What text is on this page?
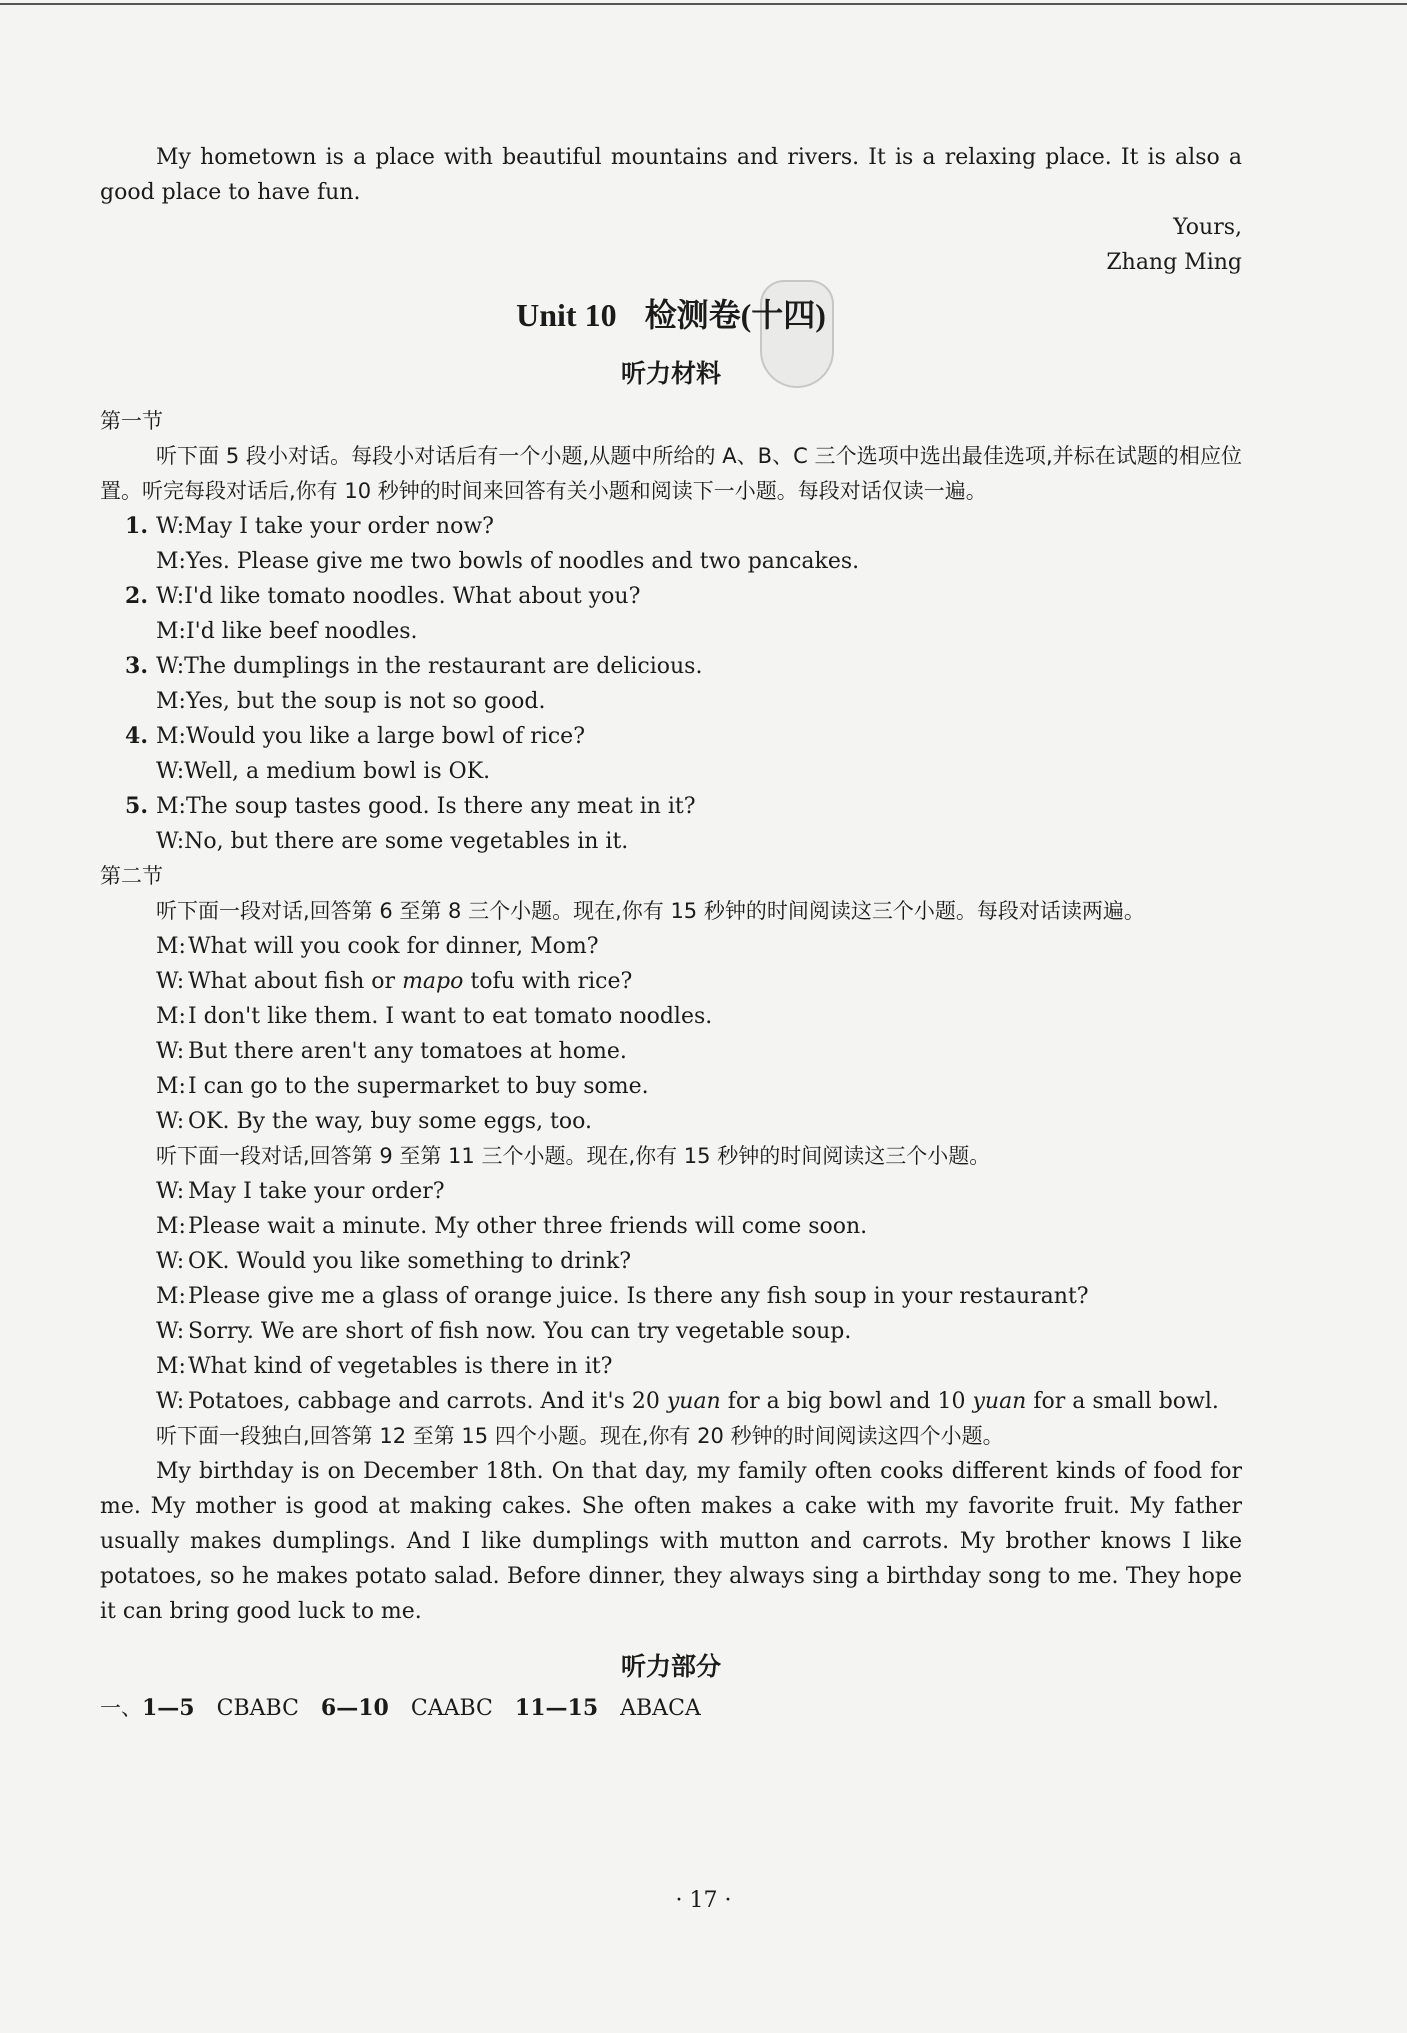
My hometown is a place with beautiful mountains and rivers. It is a relaxing place. It is also a good place to have fun.

Yours,

Zhang Ming

Unit 10 检测卷(十四)
听力材料

第一节

听下面 5 段小对话。每段小对话后有一个小题,从题中所给的 A、B、C 三个选项中选出最佳选项,并标在试题的相应位置。听完每段对话后,你有 10 秒钟的时间来回答有关小题和阅读下一小题。每段对话仅读一遍。

1. W: May I take your order now?
M: Yes. Please give me two bowls of noodles and two pancakes.
2. W: I'd like tomato noodles. What about you?
M: I'd like beef noodles.
3. W: The dumplings in the restaurant are delicious.
M: Yes, but the soup is not so good.
4. M: Would you like a large bowl of rice?
W: Well, a medium bowl is OK.
5. M: The soup tastes good. Is there any meat in it?
W: No, but there are some vegetables in it.

第二节

听下面一段对话,回答第 6 至第 8 三个小题。现在,你有 15 秒钟的时间阅读这三个小题。每段对话读两遍。

M: What will you cook for dinner, Mom?
W: What about fish or mapo tofu with rice?
M: I don't like them. I want to eat tomato noodles.
W: But there aren't any tomatoes at home.
M: I can go to the supermarket to buy some.
W: OK. By the way, buy some eggs, too.

听下面一段对话,回答第 9 至第 11 三个小题。现在,你有 15 秒钟的时间阅读这三个小题。

W: May I take your order?
M: Please wait a minute. My other three friends will come soon.
W: OK. Would you like something to drink?
M: Please give me a glass of orange juice. Is there any fish soup in your restaurant?
W: Sorry. We are short of fish now. You can try vegetable soup.
M: What kind of vegetables is there in it?
W: Potatoes, cabbage and carrots. And it's 20 yuan for a big bowl and 10 yuan for a small bowl.

听下面一段独白,回答第 12 至第 15 四个小题。现在,你有 20 秒钟的时间阅读这四个小题。

My birthday is on December 18th. On that day, my family often cooks different kinds of food for me. My mother is good at making cakes. She often makes a cake with my favorite fruit. My father usually makes dumplings. And I like dumplings with mutton and carrots. My brother knows I like potatoes, so he makes potato salad. Before dinner, they always sing a birthday song to me. They hope it can bring good luck to me.

听力部分
一、1—5  CBABC  6—10  CAABC  11—15  ABACA
· 17 ·
